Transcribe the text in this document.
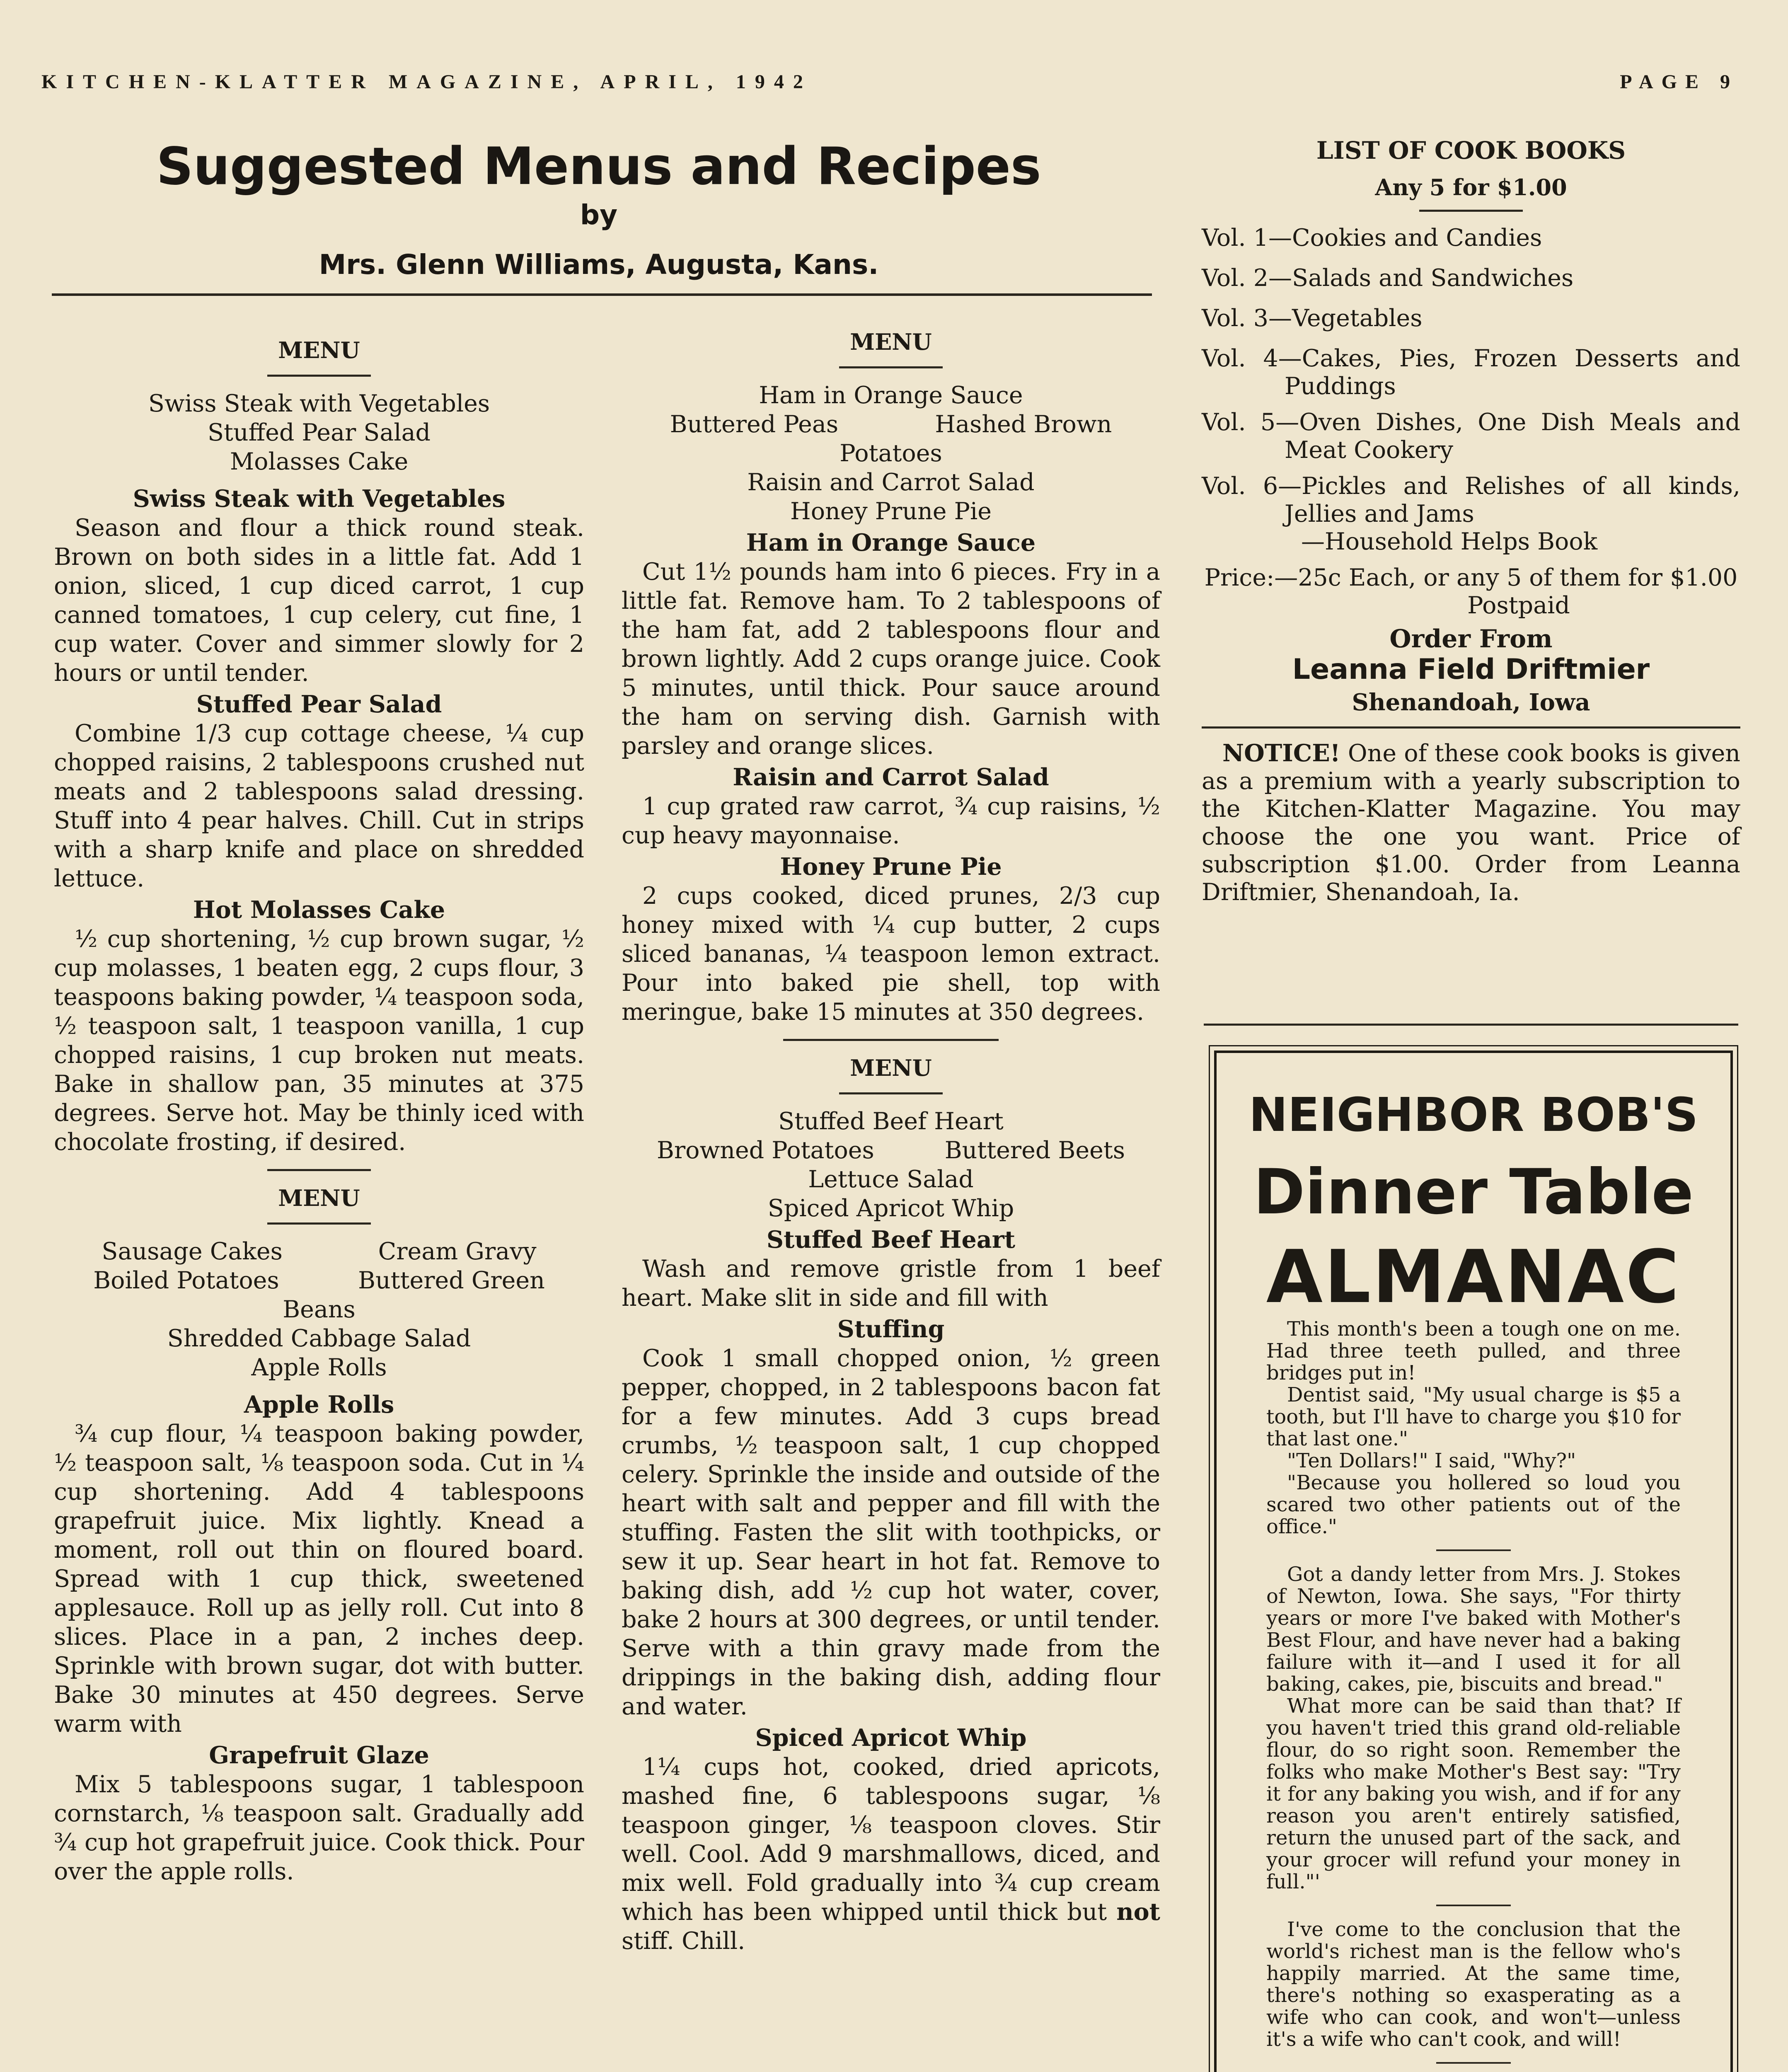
KITCHEN-KLATTER MAGAZINE, APRIL, 1942	PAGE 9
Suggested Menus and Recipes
by
Mrs. Glenn Williams, Augusta, Kans.
MENU

Swiss Steak with Vegetables

Stuffed Pear Salad

Molasses Cake

Swiss Steak with Vegetables

Season and flour a thick round steak. Brown on both sides in a little fat. Add 1 onion, sliced, 1 cup diced carrot, 1 cup canned tomatoes, 1 cup celery, cut fine, 1 cup water. Cover and simmer slowly for 2 hours or until tender.

Stuffed Pear Salad

Combine 1/3 cup cottage cheese, ¼ cup chopped raisins, 2 tablespoons crushed nut meats and 2 tablespoons salad dressing. Stuff into 4 pear halves. Chill. Cut in strips with a sharp knife and place on shredded lettuce.

Hot Molasses Cake

½ cup shortening, ½ cup brown sugar, ½ cup molasses, 1 beaten egg, 2 cups flour, 3 teaspoons baking powder, ¼ teaspoon soda, ½ teaspoon salt, 1 teaspoon vanilla, 1 cup chopped raisins, 1 cup broken nut meats. Bake in shallow pan, 35 minutes at 375 degrees. Serve hot. May be thinly iced with chocolate frosting, if desired.

MENU

Sausage Cakes	Cream Gravy

Boiled Potatoes	Buttered Green

Beans

Shredded Cabbage Salad

Apple Rolls

Apple Rolls

¾ cup flour, ¼ teaspoon baking powder, ½ teaspoon salt, ⅛ teaspoon soda. Cut in ¼ cup shortening. Add 4 tablespoons grapefruit juice. Mix lightly. Knead a moment, roll out thin on floured board. Spread with 1 cup thick, sweetened applesauce. Roll up as jelly roll. Cut into 8 slices. Place in a pan, 2 inches deep. Sprinkle with brown sugar, dot with butter. Bake 30 minutes at 450 degrees. Serve warm with

Grapefruit Glaze

Mix 5 tablespoons sugar, 1 tablespoon cornstarch, ⅛ teaspoon salt. Gradually add ¾ cup hot grapefruit juice. Cook thick. Pour over the apple rolls.

MENU

Ham in Orange Sauce

Buttered Peas	Hashed Brown

Potatoes

Raisin and Carrot Salad

Honey Prune Pie

Ham in Orange Sauce

Cut 1½ pounds ham into 6 pieces. Fry in a little fat. Remove ham. To 2 tablespoons of the ham fat, add 2 tablespoons flour and brown lightly. Add 2 cups orange juice. Cook 5 minutes, until thick. Pour sauce around the ham on serving dish. Garnish with parsley and orange slices.

Raisin and Carrot Salad

1 cup grated raw carrot, ¾ cup raisins, ½ cup heavy mayonnaise.

Honey Prune Pie

2 cups cooked, diced prunes, 2/3 cup honey mixed with ¼ cup butter, 2 cups sliced bananas, ¼ teaspoon lemon extract. Pour into baked pie shell, top with meringue, bake 15 minutes at 350 degrees.

MENU

Stuffed Beef Heart

Browned Potatoes	Buttered Beets

Lettuce Salad

Spiced Apricot Whip

Stuffed Beef Heart

Wash and remove gristle from 1 beef heart. Make slit in side and fill with

Stuffing

Cook 1 small chopped onion, ½ green pepper, chopped, in 2 tablespoons bacon fat for a few minutes. Add 3 cups bread crumbs, ½ teaspoon salt, 1 cup chopped celery. Sprinkle the inside and outside of the heart with salt and pepper and fill with the stuffing. Fasten the slit with toothpicks, or sew it up. Sear heart in hot fat. Remove to baking dish, add ½ cup hot water, cover, bake 2 hours at 300 degrees, or until tender. Serve with a thin gravy made from the drippings in the baking dish, adding flour and water.

Spiced Apricot Whip

1¼ cups hot, cooked, dried apricots, mashed fine, 6 tablespoons sugar, ⅛ teaspoon ginger, ⅛ teaspoon cloves. Stir well. Cool. Add 9 marshmallows, diced, and mix well. Fold gradually into ¾ cup cream which has been whipped until thick but not stiff. Chill.

LIST OF COOK BOOKS
Any 5 for $1.00

Vol. 1—Cookies and Candies

Vol. 2—Salads and Sandwiches

Vol. 3—Vegetables

Vol. 4—Cakes, Pies, Frozen Desserts and Puddings

Vol. 5—Oven Dishes, One Dish Meals and Meat Cookery

Vol. 6—Pickles and Relishes of all kinds, Jellies and Jams

—Household Helps Book

Price:—25c Each, or any 5 of them for $1.00 Postpaid

Order From

Leanna Field Driftmier

Shenandoah, Iowa

NOTICE! One of these cook books is given as a premium with a yearly subscription to the Kitchen-Klatter Magazine. You may choose the one you want. Price of subscription $1.00. Order from Leanna Driftmier, Shenandoah, Ia.

NEIGHBOR BOB'S
Dinner Table
ALMANAC

This month's been a tough one on me. Had three teeth pulled, and three bridges put in!

Dentist said, "My usual charge is $5 a tooth, but I'll have to charge you $10 for that last one."

"Ten Dollars!" I said, "Why?"

"Because you hollered so loud you scared two other patients out of the office."

Got a dandy letter from Mrs. J. Stokes of Newton, Iowa. She says, "For thirty years or more I've baked with Mother's Best Flour, and have never had a baking failure with it—and I used it for all baking, cakes, pie, biscuits and bread."

What more can be said than that? If you haven't tried this grand old-reliable flour, do so right soon. Remember the folks who make Mother's Best say: "Try it for any baking you wish, and if for any reason you aren't entirely satisfied, return the unused part of the sack, and your grocer will refund your money in full."'

I've come to the conclusion that the world's richest man is the fellow who's happily married. At the same time, there's nothing so exasperating as a wife who can cook, and won't—unless it's a wife who can't cook, and will!
